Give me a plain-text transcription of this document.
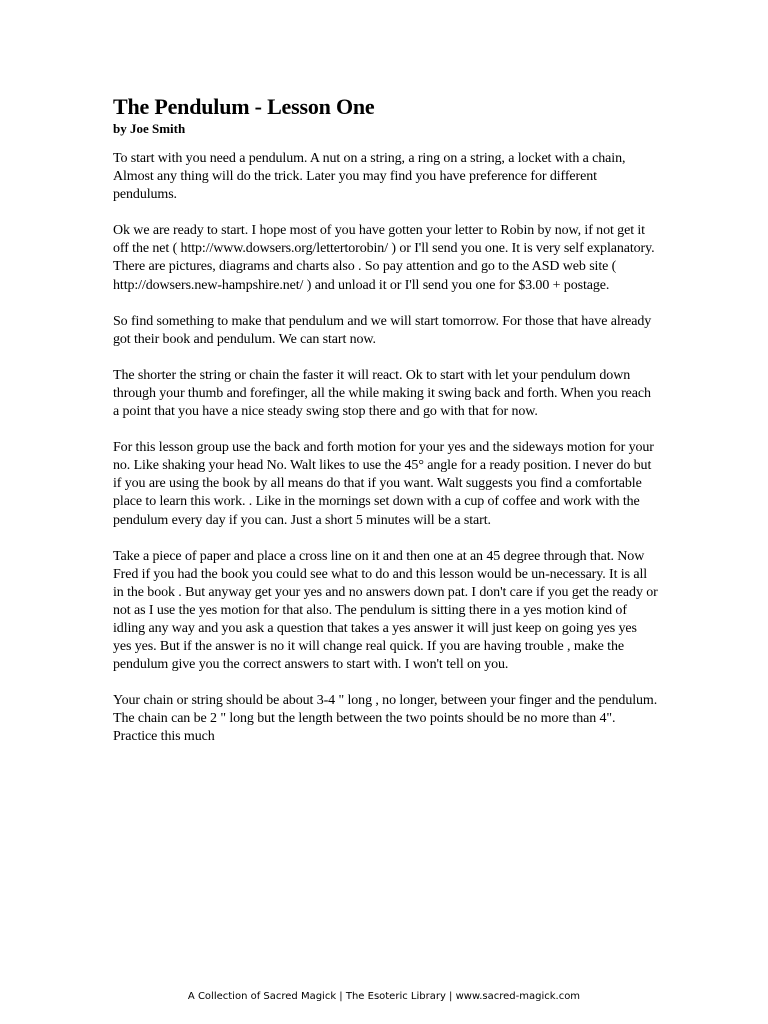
The Pendulum - Lesson One

by Joe Smith

To start with you need a pendulum. A nut on a string, a ring on a string, a locket with a chain, Almost any thing will do the trick. Later you may find you have preference for different pendulums.

Ok we are ready to start. I hope most of you have gotten your letter to Robin by now, if not get it off the net ( http://www.dowsers.org/lettertorobin/ ) or I'll send you one. It is very self explanatory. There are pictures, diagrams and charts also . So pay attention and go to the ASD web site ( http://dowsers.new-hampshire.net/ ) and unload it or I'll send you one for $3.00 + postage.

So find something to make that pendulum and we will start tomorrow. For those that have already got their book and pendulum. We can start now.

The shorter the string or chain the faster it will react. Ok to start with let your pendulum down through your thumb and forefinger, all the while making it swing back and forth. When you reach a point that you have a nice steady swing stop there and go with that for now.

For this lesson group use the back and forth motion for your yes and the sideways motion for your no. Like shaking your head No. Walt likes to use the 45° angle for a ready position. I never do but if you are using the book by all means do that if you want. Walt suggests you find a comfortable place to learn this work. . Like in the mornings set down with a cup of coffee and work with the pendulum every day if you can. Just a short 5 minutes will be a start.

Take a piece of paper and place a cross line on it and then one at an 45 degree through that. Now Fred if you had the book you could see what to do and this lesson would be un-necessary. It is all in the book . But anyway get your yes and no answers down pat. I don't care if you get the ready or not as I use the yes motion for that also. The pendulum is sitting there in a yes motion kind of idling any way and you ask a question that takes a yes answer it will just keep on going yes yes yes yes. But if the answer is no it will change real quick. If you are having trouble , make the pendulum give you the correct answers to start with. I won't tell on you.

Your chain or string should be about 3-4 " long , no longer, between your finger and the pendulum. The chain can be 2 " long but the length between the two points should be no more than 4". Practice this much

A Collection of Sacred Magick | The Esoteric Library | www.sacred-magick.com
